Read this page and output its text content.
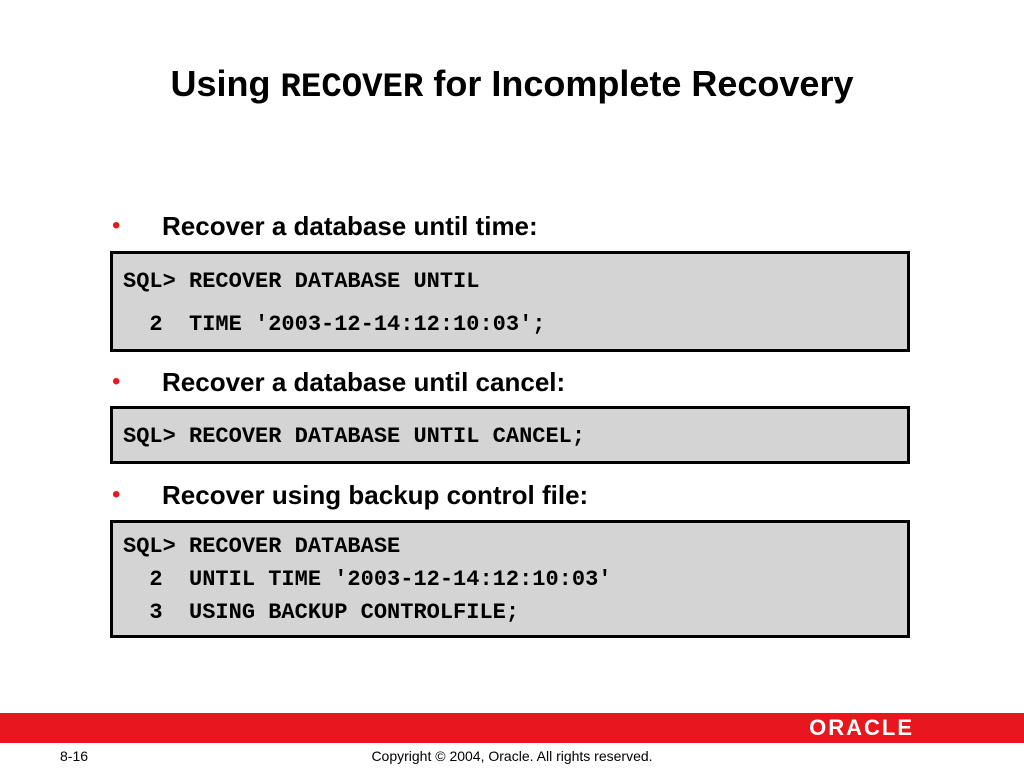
Using RECOVER for Incomplete Recovery
• Recover a database until time:
SQL> RECOVER DATABASE UNTIL
2  TIME '2003-12-14:12:10:03';
• Recover a database until cancel:
SQL> RECOVER DATABASE UNTIL CANCEL;
• Recover using backup control file:
SQL> RECOVER DATABASE
2  UNTIL TIME '2003-12-14:12:10:03'
3  USING BACKUP CONTROLFILE;
ORACLE
8-16	Copyright © 2004, Oracle. All rights reserved.
